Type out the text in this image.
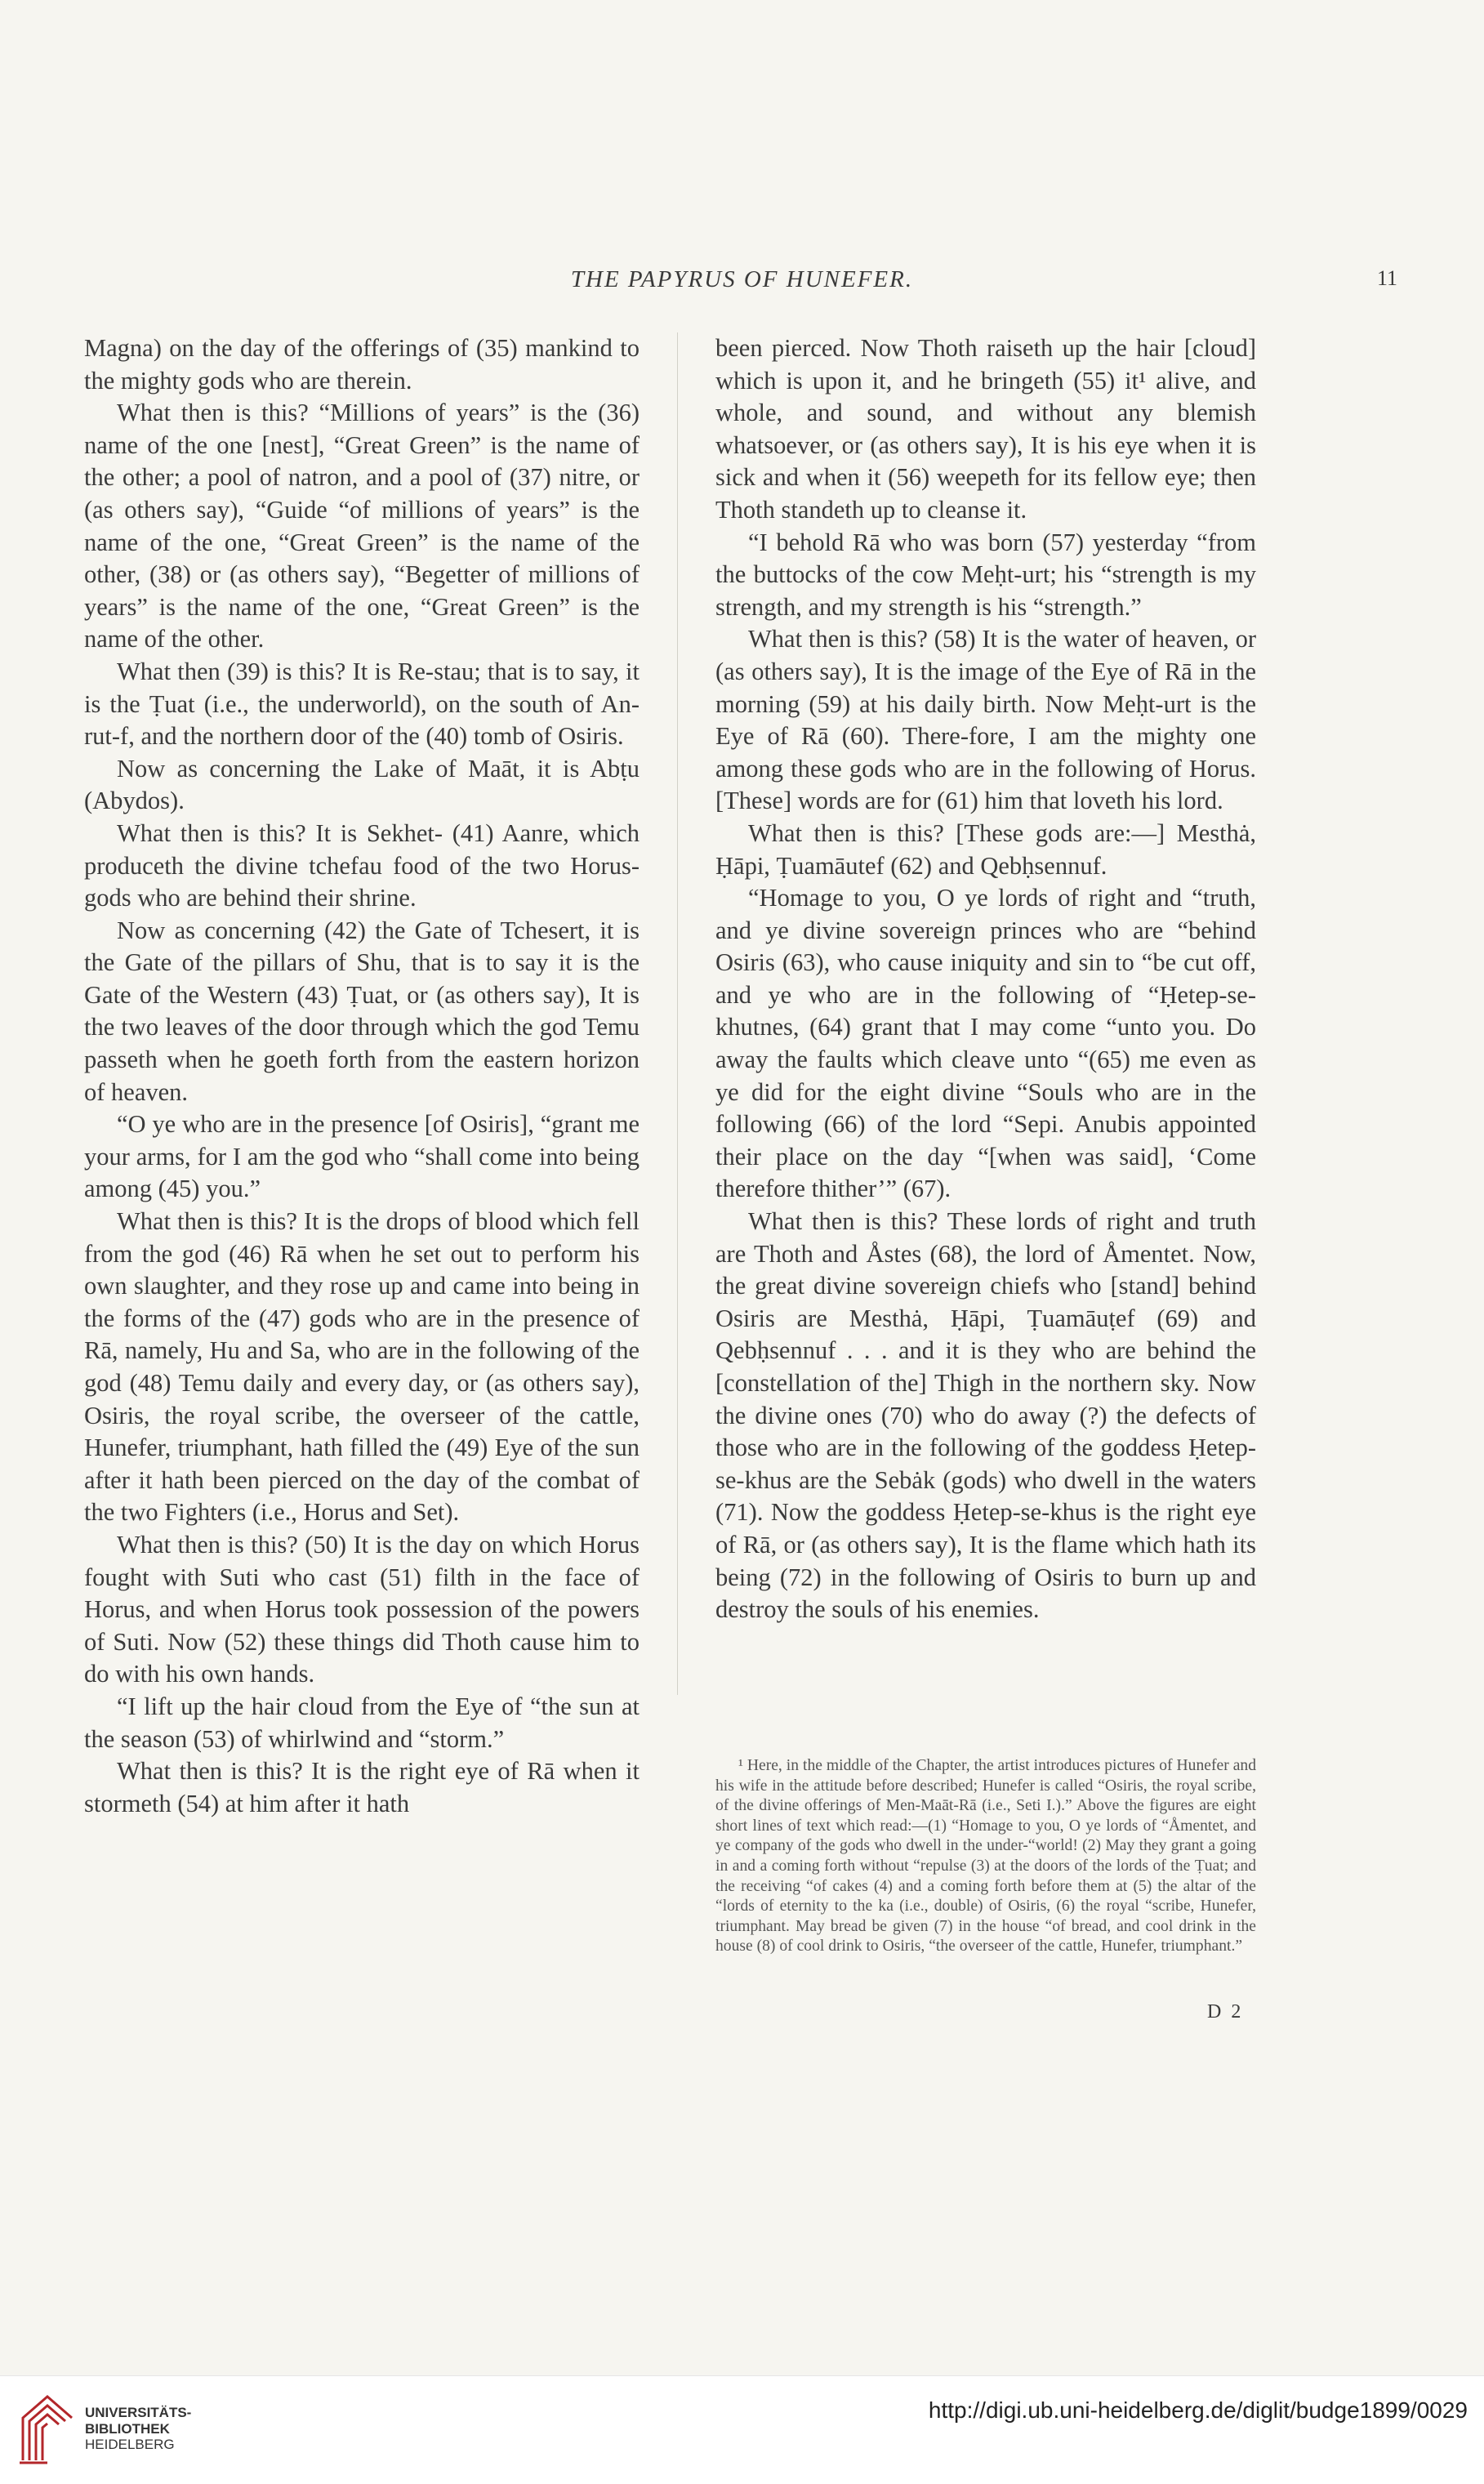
THE PAPYRUS OF HUNEFER.	11

Magna) on the day of the offerings of (35) mankind to the mighty gods who are therein.

What then is this? “Millions of years” is the (36) name of the one [nest], “Great Green” is the name of the other; a pool of natron, and a pool of (37) nitre, or (as others say), “Guide “of millions of years” is the name of the one, “Great Green” is the name of the other, (38) or (as others say), “Begetter of millions of years” is the name of the one, “Great Green” is the name of the other.

What then (39) is this? It is Re-stau; that is to say, it is the Ṭuat (i.e., the underworld), on the south of An-rut-f, and the northern door of the (40) tomb of Osiris.

Now as concerning the Lake of Maāt, it is Abṭu (Abydos).

What then is this? It is Sekhet- (41) Aanre, which produceth the divine tchefau food of the two Horus-gods who are behind their shrine.

Now as concerning (42) the Gate of Tchesert, it is the Gate of the pillars of Shu, that is to say it is the Gate of the Western (43) Ṭuat, or (as others say), It is the two leaves of the door through which the god Temu passeth when he goeth forth from the eastern horizon of heaven.

“O ye who are in the presence [of Osiris], “grant me your arms, for I am the god who “shall come into being among (45) you.”

What then is this? It is the drops of blood which fell from the god (46) Rā when he set out to perform his own slaughter, and they rose up and came into being in the forms of the (47) gods who are in the presence of Rā, namely, Hu and Sa, who are in the following of the god (48) Temu daily and every day, or (as others say), Osiris, the royal scribe, the overseer of the cattle, Hunefer, triumphant, hath filled the (49) Eye of the sun after it hath been pierced on the day of the combat of the two Fighters (i.e., Horus and Set).

What then is this? (50) It is the day on which Horus fought with Suti who cast (51) filth in the face of Horus, and when Horus took possession of the powers of Suti. Now (52) these things did Thoth cause him to do with his own hands.

“I lift up the hair cloud from the Eye of “the sun at the season (53) of whirlwind and “storm.”

What then is this? It is the right eye of Rā when it stormeth (54) at him after it hath

been pierced. Now Thoth raiseth up the hair [cloud] which is upon it, and he bringeth (55) it¹ alive, and whole, and sound, and without any blemish whatsoever, or (as others say), It is his eye when it is sick and when it (56) weepeth for its fellow eye; then Thoth standeth up to cleanse it.

“I behold Rā who was born (57) yesterday “from the buttocks of the cow Meḥt-urt; his “strength is my strength, and my strength is his “strength.”

What then is this? (58) It is the water of heaven, or (as others say), It is the image of the Eye of Rā in the morning (59) at his daily birth. Now Meḥt-urt is the Eye of Rā (60). There-fore, I am the mighty one among these gods who are in the following of Horus. [These] words are for (61) him that loveth his lord.

What then is this? [These gods are:—] Mesthȧ, Ḥāpi, Ṭuamāutef (62) and Qebḥsennuf.

“Homage to you, O ye lords of right and “truth, and ye divine sovereign princes who are “behind Osiris (63), who cause iniquity and sin to “be cut off, and ye who are in the following of “Ḥetep-se-khutnes, (64) grant that I may come “unto you. Do away the faults which cleave unto “(65) me even as ye did for the eight divine “Souls who are in the following (66) of the lord “Sepi. Anubis appointed their place on the day “[when was said], ‘Come therefore thither’” (67).

What then is this? These lords of right and truth are Thoth and Åstes (68), the lord of Åmentet. Now, the great divine sovereign chiefs who [stand] behind Osiris are Mesthȧ, Ḥāpi, Ṭuamāuṭef (69) and Qebḥsennuf . . . and it is they who are behind the [constellation of the] Thigh in the northern sky. Now the divine ones (70) who do away (?) the defects of those who are in the following of the goddess Ḥetep-se-khus are the Sebȧk (gods) who dwell in the waters (71). Now the goddess Ḥetep-se-khus is the right eye of Rā, or (as others say), It is the flame which hath its being (72) in the following of Osiris to burn up and destroy the souls of his enemies.

¹ Here, in the middle of the Chapter, the artist introduces pictures of Hunefer and his wife in the attitude before described; Hunefer is called “Osiris, the royal scribe, of the divine offerings of Men-Maāt-Rā (i.e., Seti I.).” Above the figures are eight short lines of text which read:—(1) “Homage to you, O ye lords of “Åmentet, and ye company of the gods who dwell in the under-“world! (2) May they grant a going in and a coming forth without “repulse (3) at the doors of the lords of the Ṭuat; and the receiving “of cakes (4) and a coming forth before them at (5) the altar of the “lords of eternity to the ka (i.e., double) of Osiris, (6) the royal “scribe, Hunefer, triumphant. May bread be given (7) in the house “of bread, and cool drink in the house (8) of cool drink to Osiris, “the overseer of the cattle, Hunefer, triumphant.”

D 2
UNIVERSITÄTS-
BIBLIOTHEK
HEIDELBERG
http://digi.ub.uni-heidelberg.de/diglit/budge1899/0029
